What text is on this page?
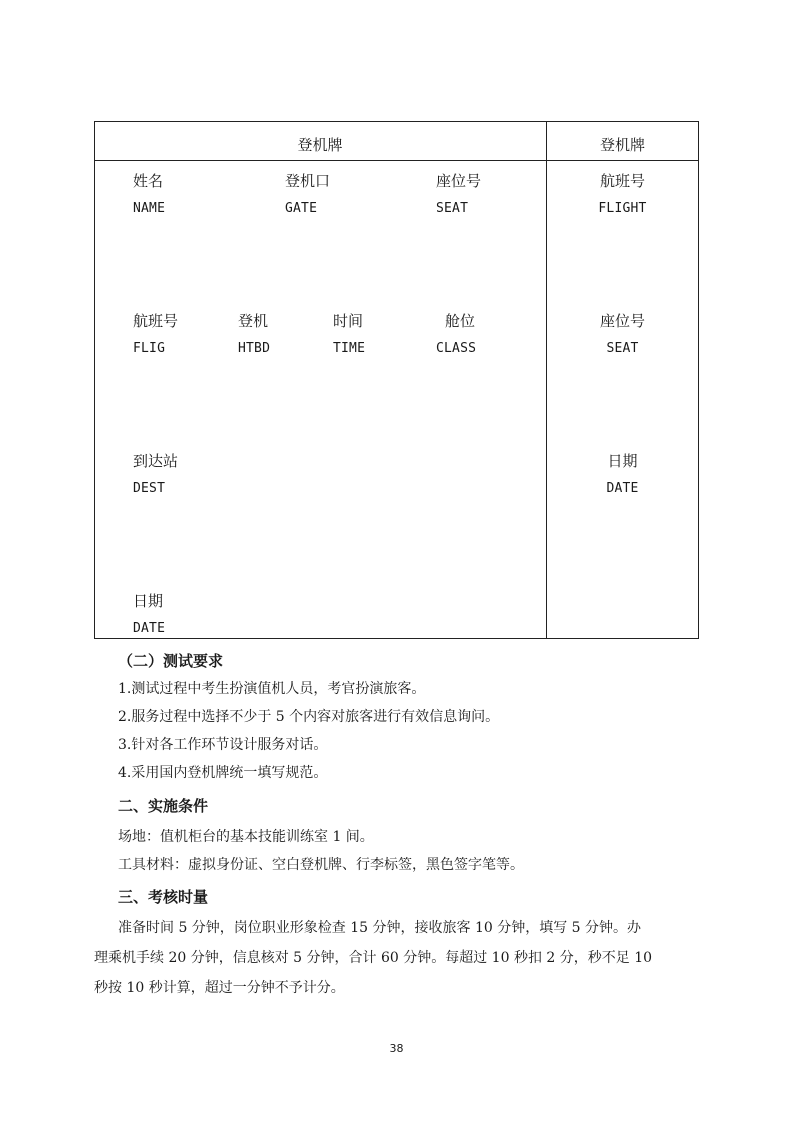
登机牌	登机牌
姓名
NAME
登机口
GATE
座位号
SEAT
航班号
FLIGHT
航班号
FLIG
登机
HTBD
时间
TIME
舱位
CLASS
座位号
SEAT
到达站
DEST
日期
DATE
日期
DATE
（二）测试要求
1.测试过程中考生扮演值机人员，考官扮演旅客。
2.服务过程中选择不少于 5 个内容对旅客进行有效信息询问。
3.针对各工作环节设计服务对话。
4.采用国内登机牌统一填写规范。
二、实施条件
场地：值机柜台的基本技能训练室 1 间。
工具材料：虚拟身份证、空白登机牌、行李标签，黑色签字笔等。
三、考核时量
准备时间 5 分钟，岗位职业形象检查 15 分钟，接收旅客 10 分钟，填写 5 分钟。办
理乘机手续 20 分钟，信息核对 5 分钟，合计 60 分钟。每超过 10 秒扣 2 分，秒不足 10
秒按 10 秒计算，超过一分钟不予计分。
38
